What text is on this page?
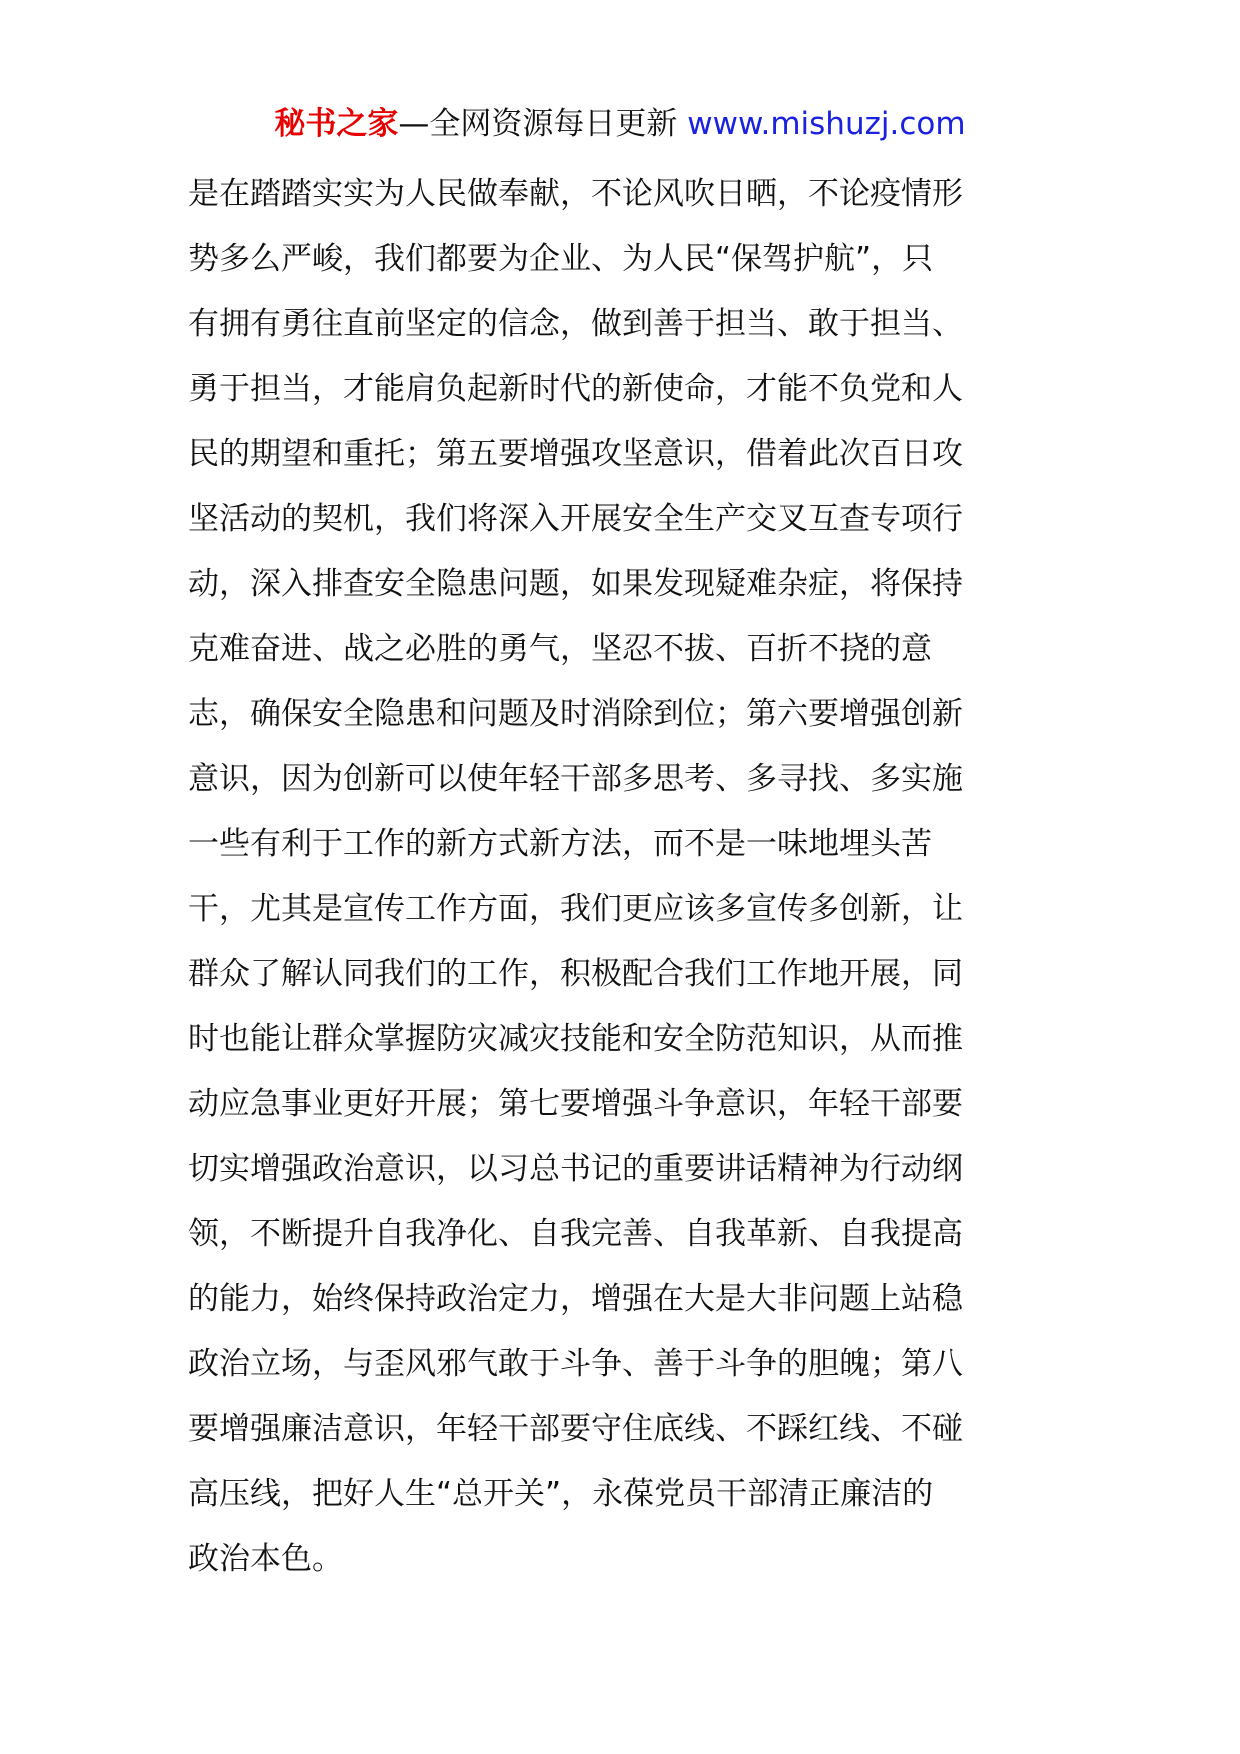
秘书之家—全网资源每日更新 www.mishuzj.com

是在踏踏实实为人民做奉献，不论风吹日晒，不论疫情形
势多么严峻，我们都要为企业、为人民“保驾护航”，只
有拥有勇往直前坚定的信念，做到善于担当、敢于担当、
勇于担当，才能肩负起新时代的新使命，才能不负党和人
民的期望和重托；第五要增强攻坚意识，借着此次百日攻
坚活动的契机，我们将深入开展安全生产交叉互查专项行
动，深入排查安全隐患问题，如果发现疑难杂症，将保持
克难奋进、战之必胜的勇气，坚忍不拔、百折不挠的意
志，确保安全隐患和问题及时消除到位；第六要增强创新
意识，因为创新可以使年轻干部多思考、多寻找、多实施
一些有利于工作的新方式新方法，而不是一味地埋头苦
干，尤其是宣传工作方面，我们更应该多宣传多创新，让
群众了解认同我们的工作，积极配合我们工作地开展，同
时也能让群众掌握防灾减灾技能和安全防范知识，从而推
动应急事业更好开展；第七要增强斗争意识，年轻干部要
切实增强政治意识，以习总书记的重要讲话精神为行动纲
领，不断提升自我净化、自我完善、自我革新、自我提高
的能力，始终保持政治定力，增强在大是大非问题上站稳
政治立场，与歪风邪气敢于斗争、善于斗争的胆魄；第八
要增强廉洁意识，年轻干部要守住底线、不踩红线、不碰
高压线，把好人生“总开关”，永葆党员干部清正廉洁的
政治本色。
